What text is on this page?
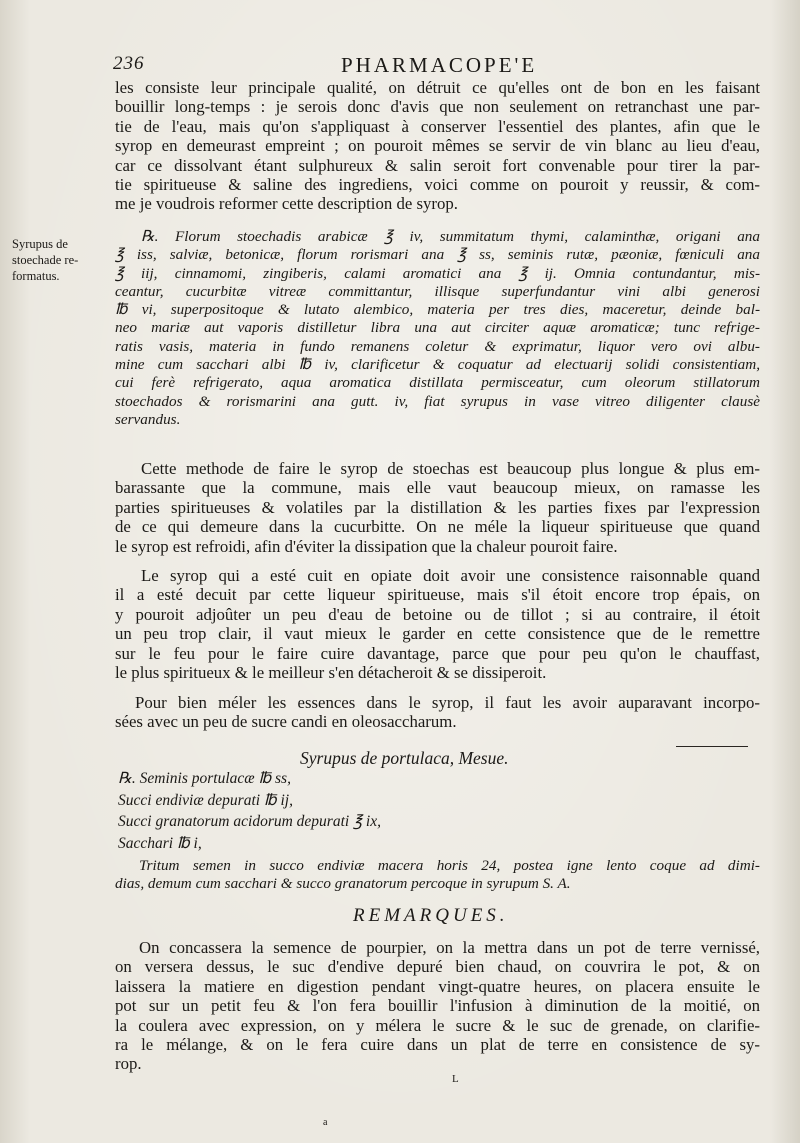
236	PHARMACOPE'E
Syrupus de
stoechade re-
formatus.
les consiste leur principale qualité, on détruit ce qu'elles ont de bon en les faisant
bouillir long-temps : je serois donc d'avis que non seulement on retranchast une par-
tie de l'eau, mais qu'on s'appliquast à conserver l'essentiel des plantes, afin que le
syrop en demeurast empreint ; on pouroit mêmes se servir de vin blanc au lieu d'eau,
car ce dissolvant étant sulphureux & salin seroit fort convenable pour tirer la par-
tie spiritueuse & saline des ingrediens, voici comme on pouroit y reussir, & com-
me je voudrois reformer cette description de syrop.
℞. Florum stoechadis arabicæ ℥ iv, summitatum thymi, calaminthæ, origani ana
℥ iss, salviæ, betonicæ, florum rorismari ana ℥ ss, seminis rutæ, pæoniæ, fœniculi ana
℥ iij, cinnamomi, zingiberis, calami aromatici ana ℥ ij. Omnia contundantur, mis-
ceantur, cucurbitæ vitreæ committantur, illisque superfundantur vini albi generosi
℔ vi, superpositoque & lutato alembico, materia per tres dies, maceretur, deinde bal-
neo mariæ aut vaporis distilletur libra una aut circiter aquæ aromaticæ; tunc refrige-
ratis vasis, materia in fundo remanens coletur & exprimatur, liquor vero ovi albu-
mine cum sacchari albi ℔ iv, clarificetur & coquatur ad electuarij solidi consistentiam,
cui ferè refrigerato, aqua aromatica distillata permisceatur, cum oleorum stillatorum
stoechados & rorismarini ana gutt. iv, fiat syrupus in vase vitreo diligenter clausè
servandus.
Cette methode de faire le syrop de stoechas est beaucoup plus longue & plus em-
barassante que la commune, mais elle vaut beaucoup mieux, on ramasse les
parties spiritueuses & volatiles par la distillation & les parties fixes par l'expression
de ce qui demeure dans la cucurbitte. On ne méle la liqueur spiritueuse que quand
le syrop est refroidi, afin d'éviter la dissipation que la chaleur pouroit faire.
Le syrop qui a esté cuit en opiate doit avoir une consistence raisonnable quand
il a esté decuit par cette liqueur spiritueuse, mais s'il étoit encore trop épais, on
y pouroit adjoûter un peu d'eau de betoine ou de tillot ; si au contraire, il étoit
un peu trop clair, il vaut mieux le garder en cette consistence que de le remettre
sur le feu pour le faire cuire davantage, parce que pour peu qu'on le chauffast,
le plus spiritueux & le meilleur s'en détacheroit & se dissiperoit.
Pour bien méler les essences dans le syrop, il faut les avoir auparavant incorpo-
sées avec un peu de sucre candi en oleosaccharum.
Syrupus de portulaca, Mesue.
℞. Seminis portulacæ ℔ ss,
Succi endiviæ depurati ℔ ij,
Succi granatorum acidorum depurati ℥ ix,
Sacchari ℔ i,
Tritum semen in succo endiviæ macera horis 24, postea igne lento coque ad dimi-
dias, demum cum sacchari & succo granatorum percoque in syrupum S. A.
REMARQUES.
On concassera la semence de pourpier, on la mettra dans un pot de terre vernissé,
on versera dessus, le suc d'endive depuré bien chaud, on couvrira le pot, & on
laissera la matiere en digestion pendant vingt-quatre heures, on placera ensuite le
pot sur un petit feu & l'on fera bouillir l'infusion à diminution de la moitié, on
la coulera avec expression, on y mélera le sucre & le suc de grenade, on clarifie-
ra le mélange, & on le fera cuire dans un plat de terre en consistence de sy-
rop.
L
a
